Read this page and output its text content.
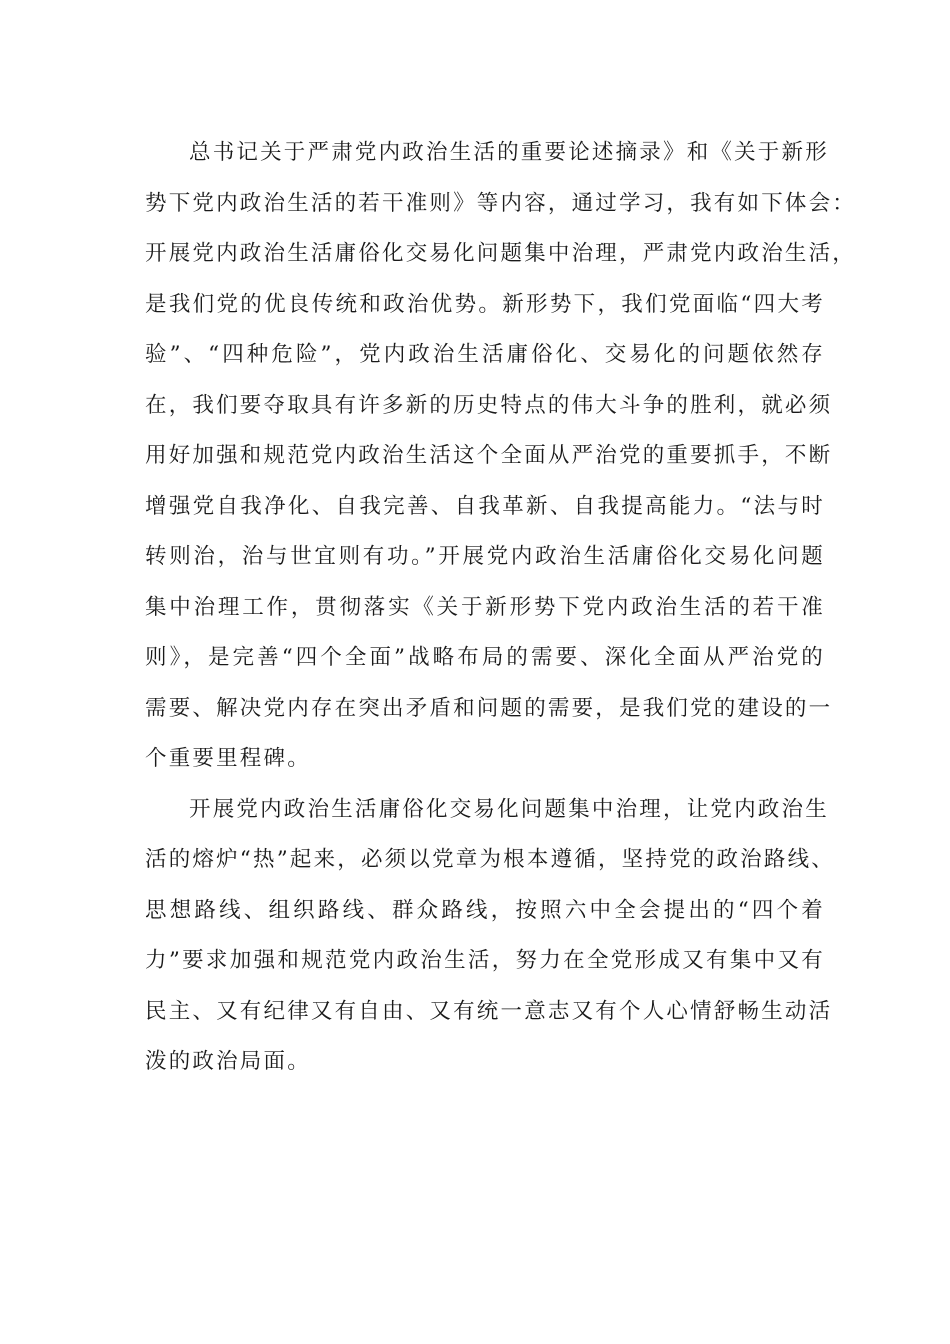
总书记关于严肃党内政治生活的重要论述摘录》和《关于新形
势下党内政治生活的若干准则》等内容，通过学习，我有如下体会：
开展党内政治生活庸俗化交易化问题集中治理，严肃党内政治生活，
是我们党的优良传统和政治优势。新形势下，我们党面临“四大考
验”、“四种危险”，党内政治生活庸俗化、交易化的问题依然存
在，我们要夺取具有许多新的历史特点的伟大斗争的胜利，就必须
用好加强和规范党内政治生活这个全面从严治党的重要抓手，不断
增强党自我净化、自我完善、自我革新、自我提高能力。“法与时
转则治，治与世宜则有功。”开展党内政治生活庸俗化交易化问题
集中治理工作，贯彻落实《关于新形势下党内政治生活的若干准
则》，是完善“四个全面”战略布局的需要、深化全面从严治党的
需要、解决党内存在突出矛盾和问题的需要，是我们党的建设的一
个重要里程碑。
开展党内政治生活庸俗化交易化问题集中治理，让党内政治生
活的熔炉“热”起来，必须以党章为根本遵循，坚持党的政治路线、
思想路线、组织路线、群众路线，按照六中全会提出的“四个着
力”要求加强和规范党内政治生活，努力在全党形成又有集中又有
民主、又有纪律又有自由、又有统一意志又有个人心情舒畅生动活
泼的政治局面。
